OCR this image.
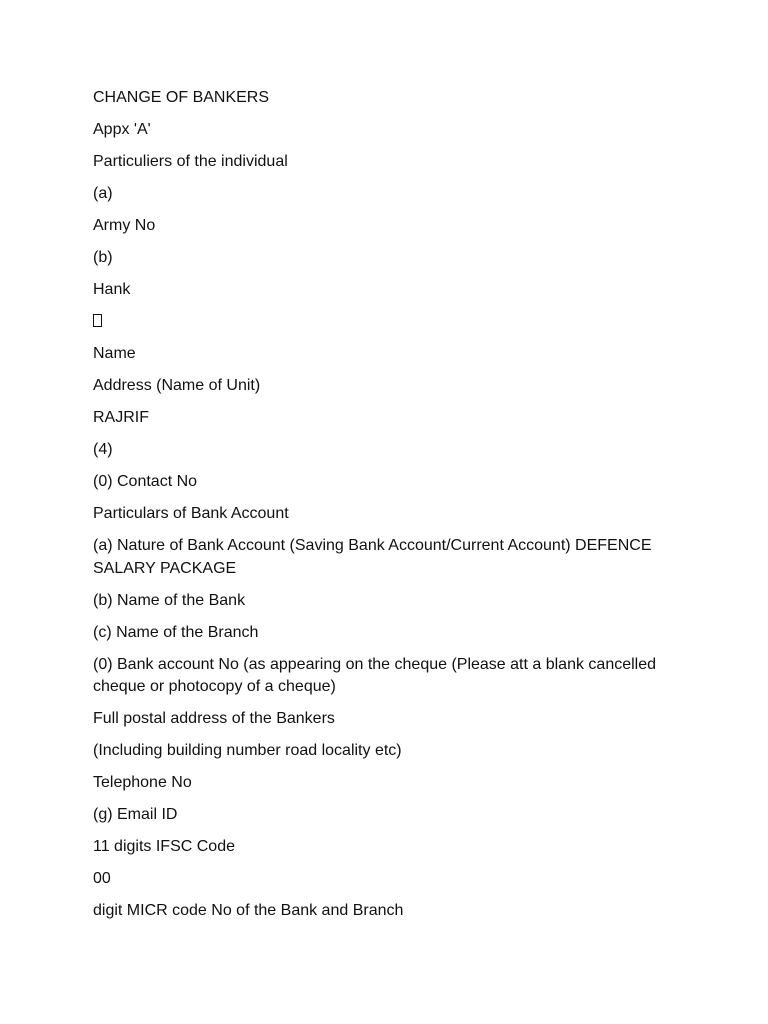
CHANGE OF BANKERS

Appx 'A'

Particuliers of the individual

(a)

Army No

(b)

Hank

Name

Address (Name of Unit)

RAJRIF

(4)

(0) Contact No

Particulars of Bank Account

(a) Nature of Bank Account (Saving Bank Account/Current Account) DEFENCE SALARY PACKAGE

(b) Name of the Bank

(c) Name of the Branch

(0) Bank account No (as appearing on the cheque (Please att a blank cancelled cheque or photocopy of a cheque)

Full postal address of the Bankers

(Including building number road locality etc)

Telephone No

(g) Email ID

11 digits IFSC Code

00

digit MICR code No of the Bank and Branch
